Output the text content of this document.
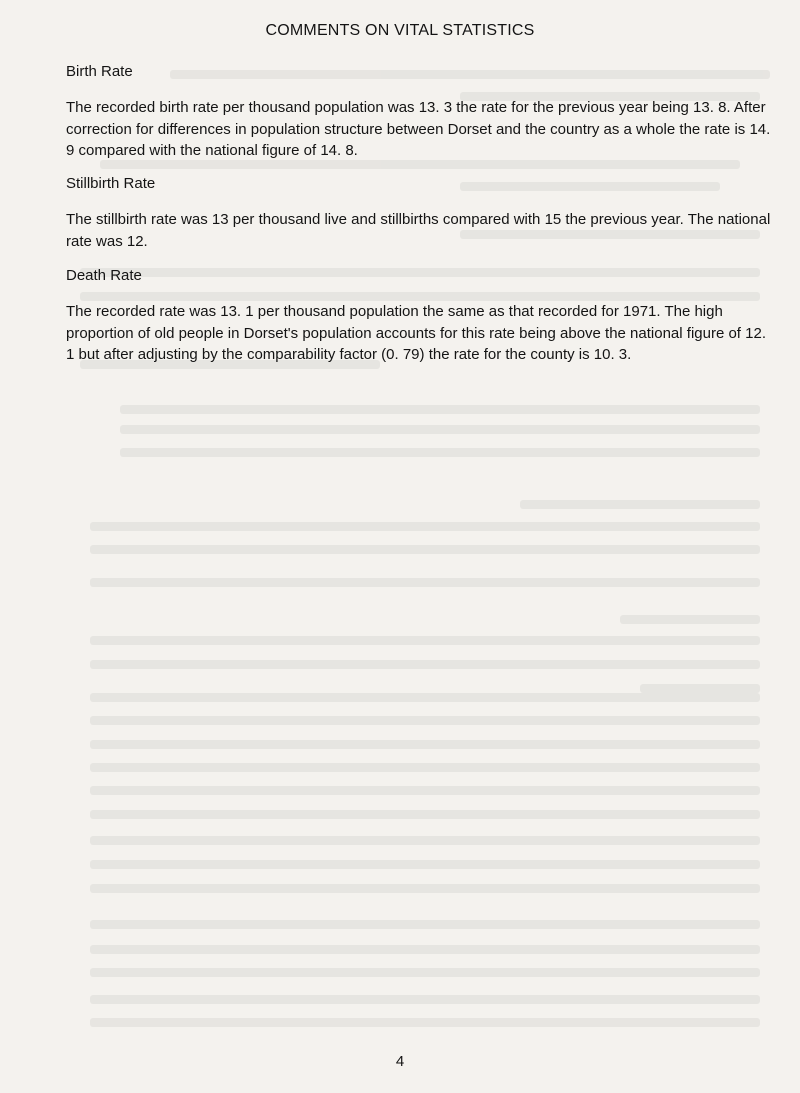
COMMENTS ON VITAL STATISTICS
Birth Rate
The recorded birth rate per thousand population was 13. 3 the rate for the previous year being 13. 8. After correction for differences in population structure between Dorset and the country as a whole the rate is 14. 9 compared with the national figure of 14. 8.
Stillbirth Rate
The stillbirth rate was 13 per thousand live and stillbirths compared with 15 the previous year. The national rate was 12.
Death Rate
The recorded rate was 13. 1 per thousand population the same as that recorded for 1971. The high proportion of old people in Dorset's population accounts for this rate being above the national figure of 12. 1 but after adjusting by the comparability factor (0. 79) the rate for the county is 10. 3.
4
